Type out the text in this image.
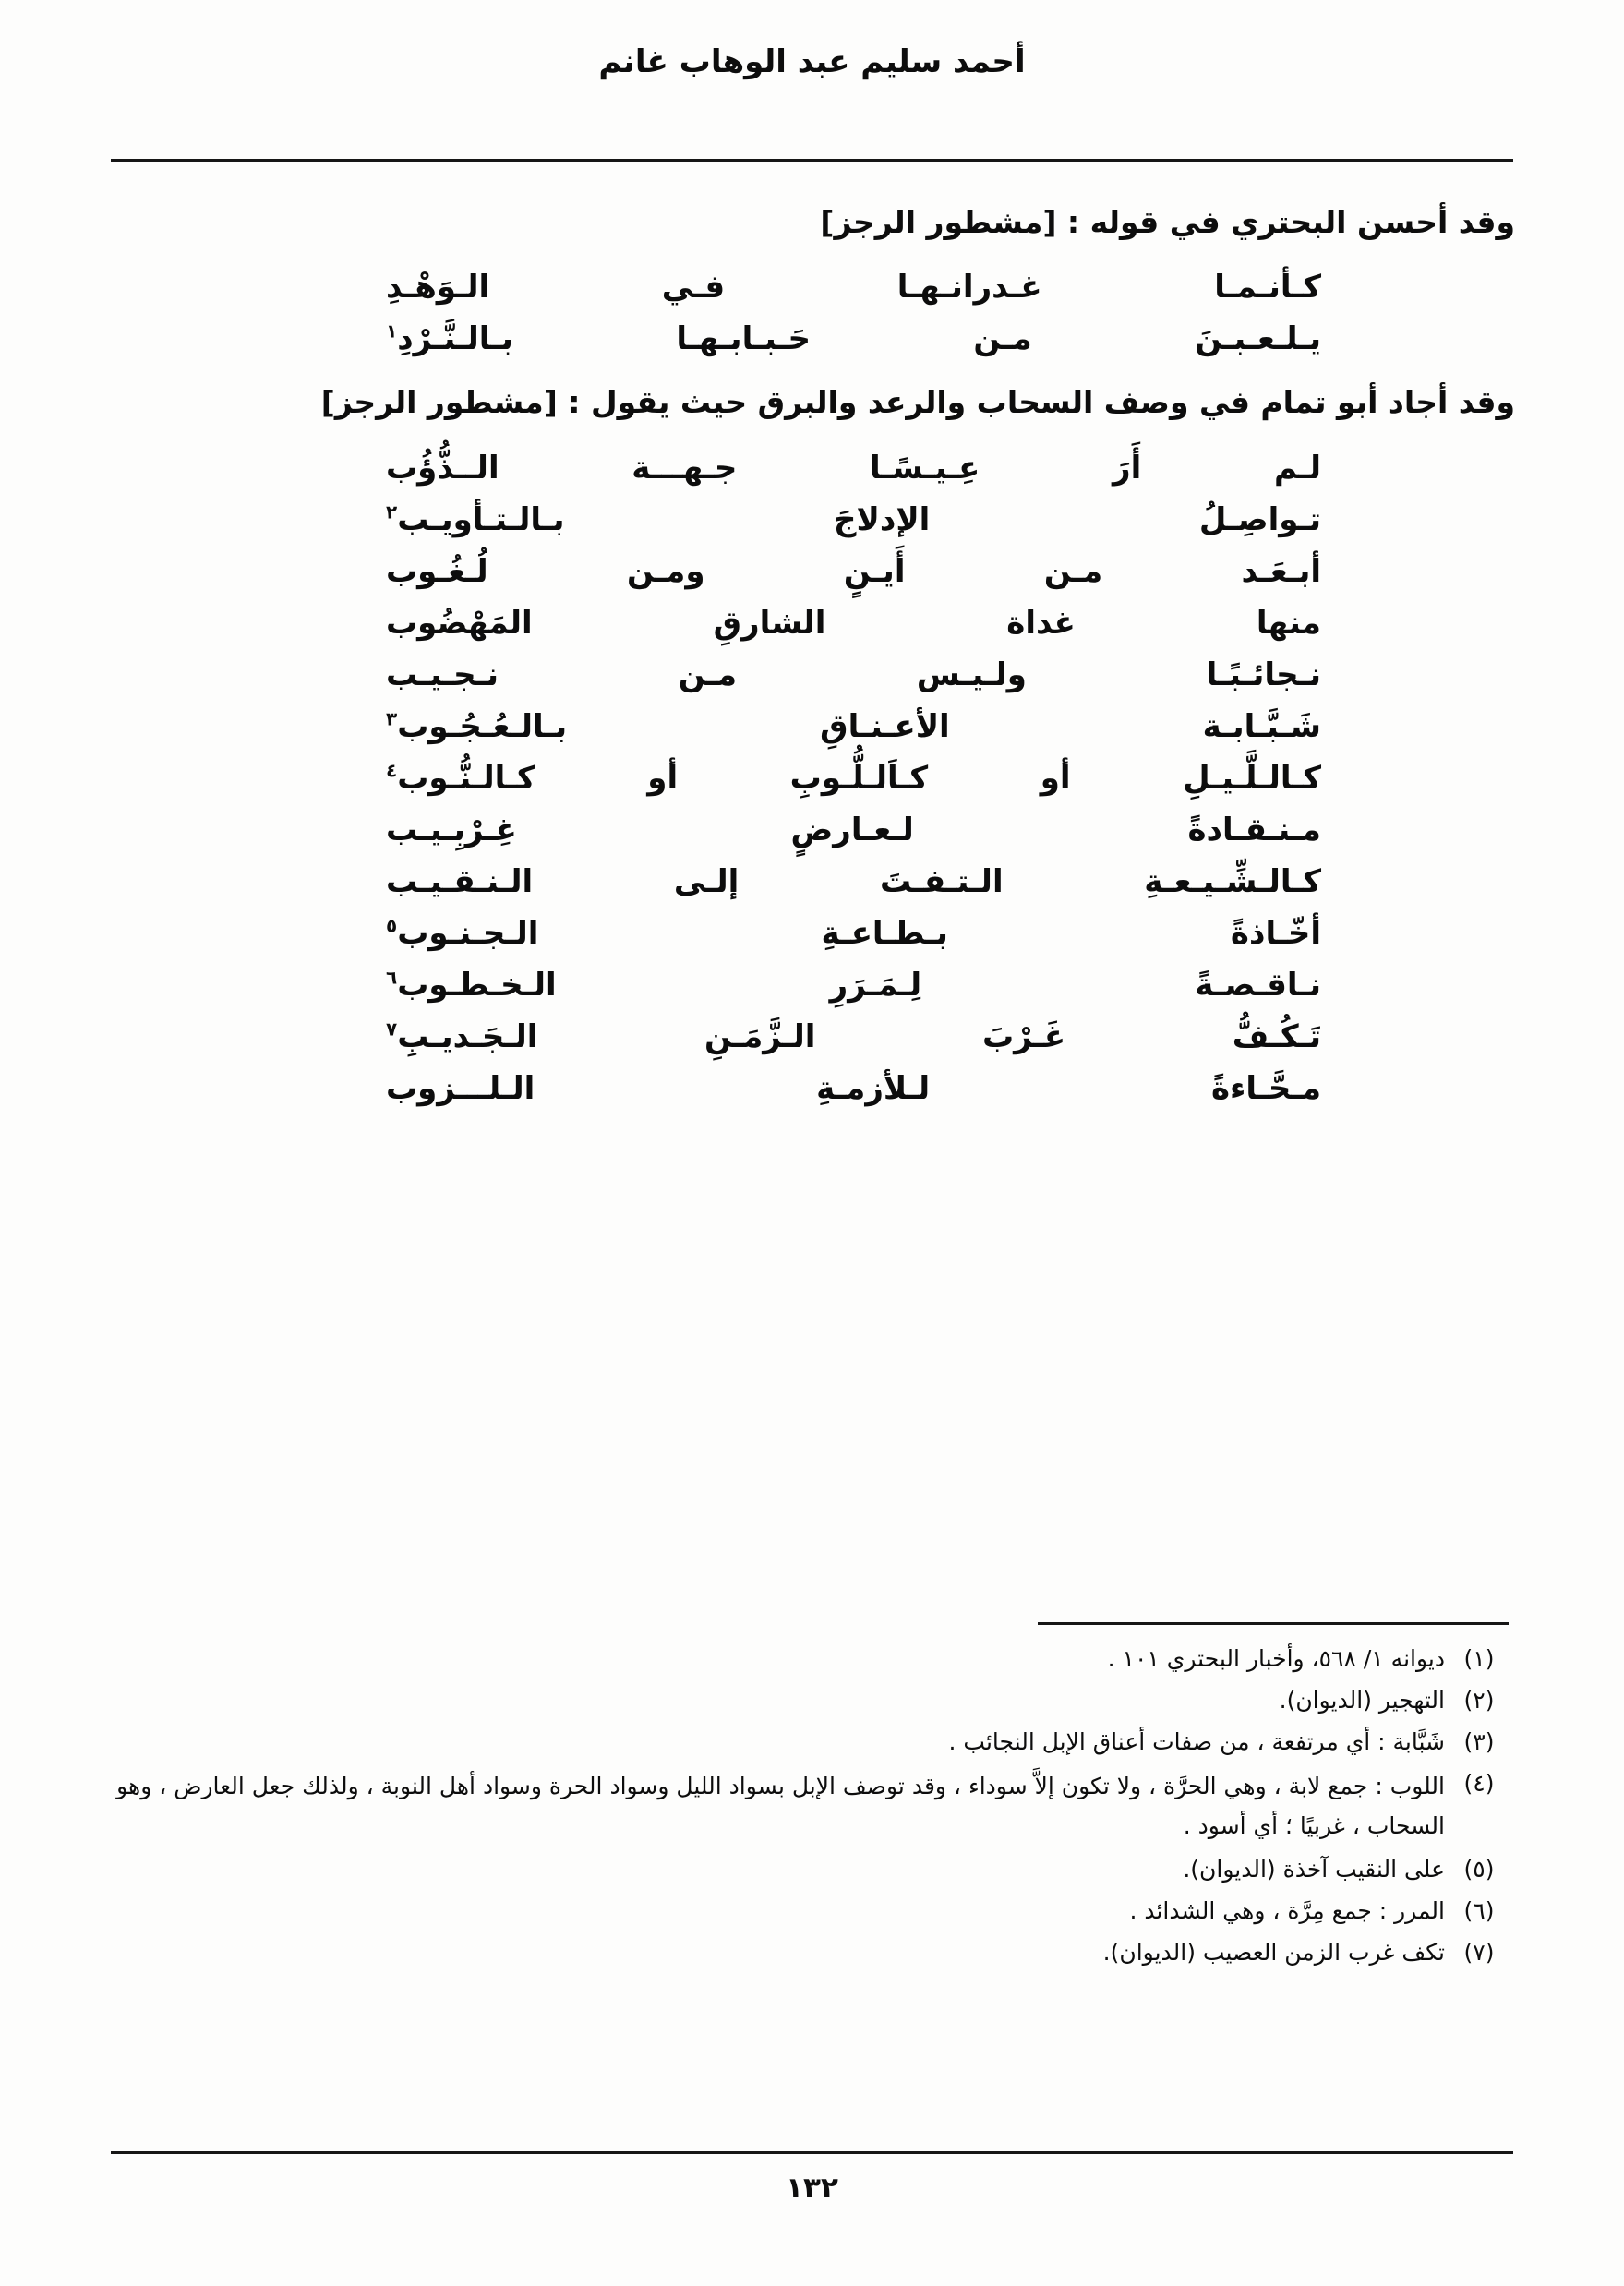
أحمد سليم عبد الوهاب غانم
وقد أحسن البحتري في قوله : [مشطور الرجز]
كـأنـمـا غـدرانـهـا فـي الـوَهْـدِ
يـلـعـبـنَ مـن حَـبـابـهـا بـالـنَّـرْدِ$^١$
وقد أجاد أبو تمام في وصف السحاب والرعد والبرق حيث يقول : [مشطور الرجز]
لـم أَرَ عِـيـسًـا جـهـــة الــذُّؤُب
تـواصِـلُ الإدلاجَ بـالـتـأويـب$^٢$
أبـعَـد مـن أَيـنٍ ومـن لُـغُـوب
منها غداة الشارقِ المَهْضُوب
نـجائـبًـا ولـيـس مـن نـجـيـب
شَـبَّـابـة الأعـنـاقِ بـالـعُـجُـوب$^٣$
كـالـلَّـيـلِ أو كـاَلـلُّـوبِ أو كـالـنُّـوب$^٤$
مـنـقـادةً لـعـارضٍ غِـرْبِـيـب
كـالـشِّـيـعـةِ الـتـفـتَ إلـى الـنـقـيـب
أخّـاذةً بـطـاعـةِ الـجـنـوب$^٥$
نـاقـصـةً لِـمَـرَرِ الـخـطـوب$^٦$
تَـكُـفُّ غَـرْبَ الـزَّمَـنِ الـجَـديـبِ$^٧$
مـحَّـاءةً لـلأزمـةِ الـلـــزوب
(١)
ديوانه ١/ ٥٦٨، وأخبار البحتري ١٠١ .
(٢)
التهجير (الديوان).
(٣)
شَبَّابة : أي مرتفعة ، من صفات أعناق الإبل النجائب .
(٤)
اللوب : جمع لابة ، وهي الحرَّة ، ولا تكون إلاَّ سوداء ، وقد توصف الإبل بسواد الليل وسواد الحرة وسواد أهل النوبة ، ولذلك جعل العارض ، وهو السحاب ، غربيًا ؛ أي أسود .
(٥)
على النقيب آخذة (الديوان).
(٦)
المرر : جمع مِرَّة ، وهي الشدائد .
(٧)
تكف غرب الزمن العصيب (الديوان).
١٣٢
